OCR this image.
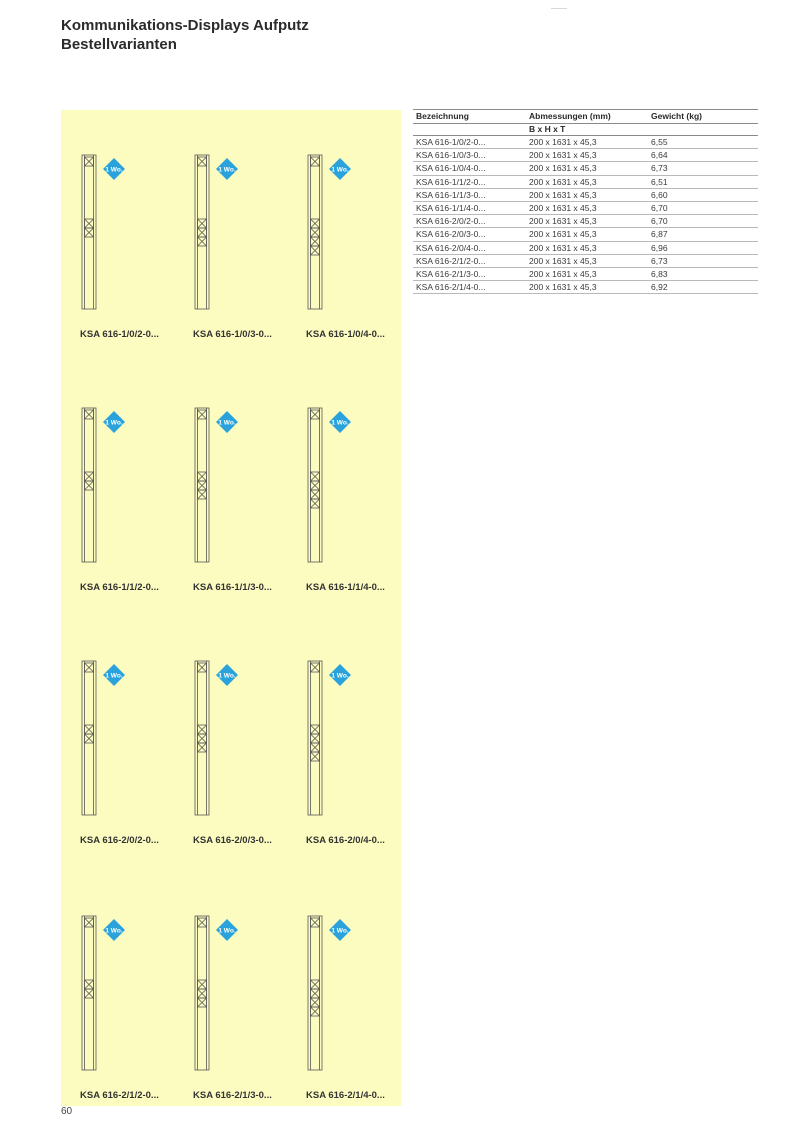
Kommunikations-Displays Aufputz
Bestellvarianten
1 Wo.
KSA 616-1/0/2-0...
1 Wo.
KSA 616-1/0/3-0...
1 Wo.
KSA 616-1/0/4-0...
1 Wo.
KSA 616-1/1/2-0...
1 Wo.
KSA 616-1/1/3-0...
1 Wo.
KSA 616-1/1/4-0...
1 Wo.
KSA 616-2/0/2-0...
1 Wo.
KSA 616-2/0/3-0...
1 Wo.
KSA 616-2/0/4-0...
1 Wo.
KSA 616-2/1/2-0...
1 Wo.
KSA 616-2/1/3-0...
1 Wo.
KSA 616-2/1/4-0...
Bezeichnung	Abmessungen (mm)	Gewicht (kg)
B x H x T
KSA 616-1/0/2-0...	200 x 1631 x 45,3	6,55
KSA 616-1/0/3-0...	200 x 1631 x 45,3	6,64
KSA 616-1/0/4-0...	200 x 1631 x 45,3	6,73
KSA 616-1/1/2-0...	200 x 1631 x 45,3	6,51
KSA 616-1/1/3-0...	200 x 1631 x 45,3	6,60
KSA 616-1/1/4-0...	200 x 1631 x 45,3	6,70
KSA 616-2/0/2-0...	200 x 1631 x 45,3	6,70
KSA 616-2/0/3-0...	200 x 1631 x 45,3	6,87
KSA 616-2/0/4-0...	200 x 1631 x 45,3	6,96
KSA 616-2/1/2-0...	200 x 1631 x 45,3	6,73
KSA 616-2/1/3-0...	200 x 1631 x 45,3	6,83
KSA 616-2/1/4-0...	200 x 1631 x 45,3	6,92
60
